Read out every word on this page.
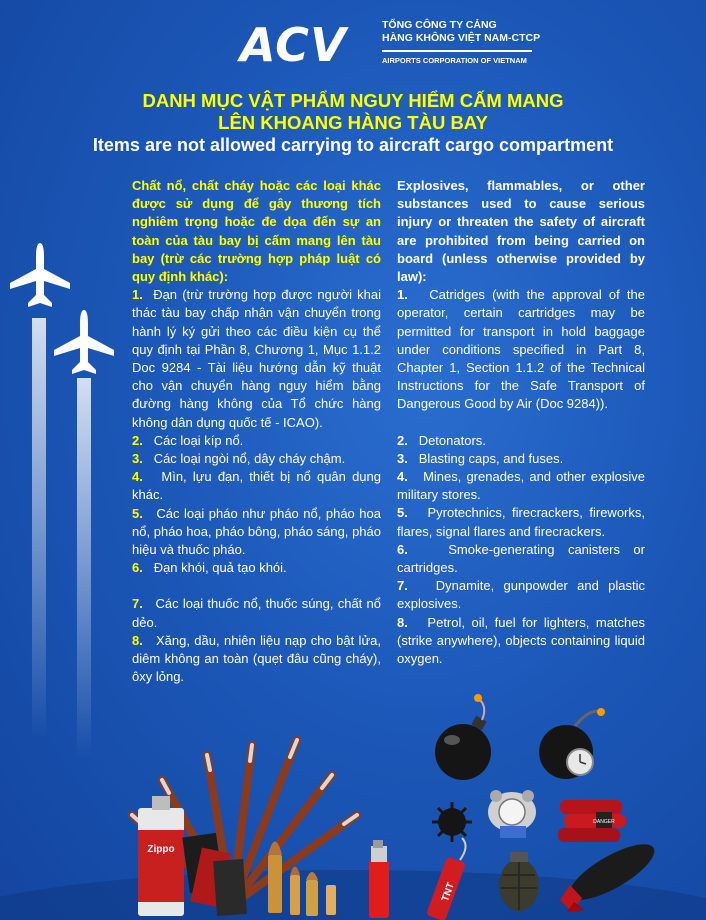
ACV	TỔNG CÔNG TY CẢNG
HÀNG KHÔNG VIỆT NAM-CTCP
AIRPORTS CORPORATION OF VIETNAM
DANH MỤC VẬT PHẨM NGUY HIỂM CẤM MANG
LÊN KHOANG HÀNG TÀU BAY
Items are not allowed carrying to aircraft cargo compartment

Chất nổ, chất cháy hoặc các loại khác được sử dụng để gây thương tích nghiêm trọng hoặc đe dọa đến sự an toàn của tàu bay bị cấm mang lên tàu bay (trừ các trường hợp pháp luật có quy định khác):

1. Đạn (trừ trường hợp được người khai thác tàu bay chấp nhận vận chuyển trong hành lý ký gửi theo các điều kiện cụ thể quy định tại Phần 8, Chương 1, Mục 1.1.2 Doc 9284 - Tài liệu hướng dẫn kỹ thuật cho vận chuyển hàng nguy hiểm bằng đường hàng không của Tổ chức hàng không dân dụng quốc tế - ICAO).

2. Các loại kíp nổ.

3. Các loại ngòi nổ, dây cháy chậm.

4. Mìn, lựu đạn, thiết bị nổ quân dụng khác.

5. Các loại pháo như pháo nổ, pháo hoa nổ, pháo hoa, pháo bông, pháo sáng, pháo hiệu và thuốc pháo.

6. Đạn khói, quả tạo khói.

7. Các loại thuốc nổ, thuốc súng, chất nổ dẻo.

8. Xăng, dầu, nhiên liệu nạp cho bật lửa, diêm không an toàn (quẹt đâu cũng cháy), ôxy lỏng.

Explosives, flammables, or other substances used to cause serious injury or threaten the safety of aircraft are prohibited from being carried on board (unless otherwise provided by law):

1. Catridges (with the approval of the operator, certain cartridges may be permitted for transport in hold baggage under conditions specified in Part 8, Chapter 1, Section 1.1.2 of the Technical Instructions for the Safe Transport of Dangerous Good by Air (Doc 9284)).

2. Detonators.

3. Blasting caps, and fuses.

4. Mines, grenades, and other explosive military stores.

5. Pyrotechnics, firecrackers, fireworks, flares, signal flares and firecrackers.

6.	Smoke-generating canisters or cartridges.

7. Dynamite, gunpowder and plastic explosives.

8. Petrol, oil, fuel for lighters, matches (strike anywhere), objects containing liquid oxygen.

Zippo
DANGER
TNT
